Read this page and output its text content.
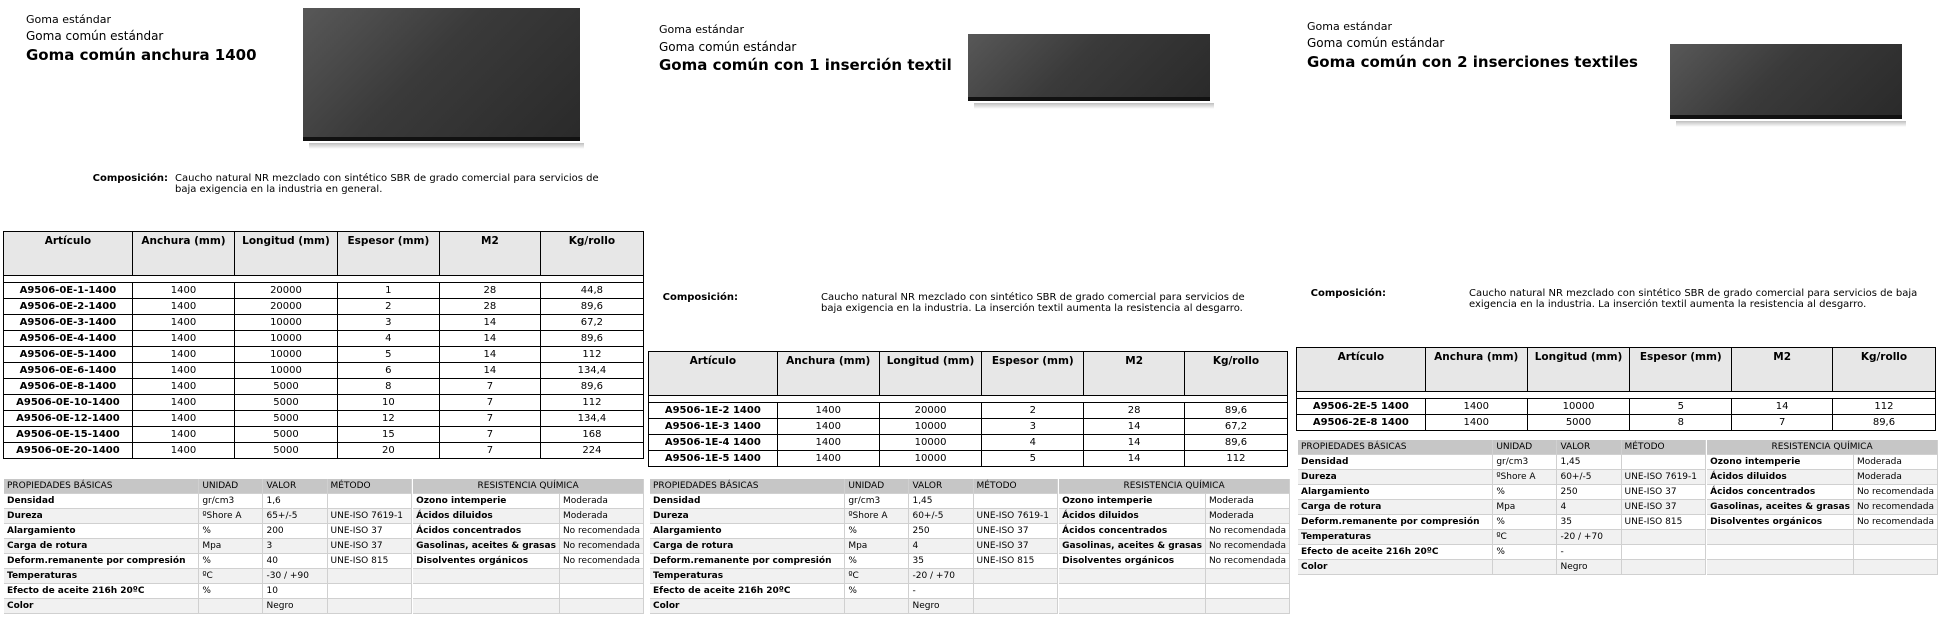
Goma estándar
Goma común estándar
Goma común anchura 1400
Composición: Caucho natural NR mezclado con sintético SBR de grado comercial para servicios de baja exigencia en la industria en general.
Artículo	Anchura (mm)	Longitud (mm)	Espesor (mm)	M2	Kg/rollo

A9506-0E-1-1400	1400	20000	1	28	44,8
A9506-0E-2-1400	1400	20000	2	28	89,6
A9506-0E-3-1400	1400	10000	3	14	67,2
A9506-0E-4-1400	1400	10000	4	14	89,6
A9506-0E-5-1400	1400	10000	5	14	112
A9506-0E-6-1400	1400	10000	6	14	134,4
A9506-0E-8-1400	1400	5000	8	7	89,6
A9506-0E-10-1400	1400	5000	10	7	112
A9506-0E-12-1400	1400	5000	12	7	134,4
A9506-0E-15-1400	1400	5000	15	7	168
A9506-0E-20-1400	1400	5000	20	7	224
PROPIEDADES BÁSICAS	UNIDAD	VALOR	MÉTODO		RESISTENCIA QUÍMICA	
Densidad	gr/cm3	1,6			Ozono intemperie	Moderada
Dureza	ºShore A	65+/-5	UNE-ISO 7619-1		Ácidos diluidos	Moderada
Alargamiento	%	200	UNE-ISO 37		Ácidos concentrados	No recomendada
Carga de rotura	Mpa	3	UNE-ISO 37		Gasolinas, aceites & grasas	No recomendada
Deform.remanente por compresión	%	40	UNE-ISO 815		Disolventes orgánicos	No recomendada
Temperaturas	ºC	-30 / +90				
Efecto de aceite 216h 20ºC	%	10				
Color		Negro				
Goma estándar
Goma común estándar
Goma común con 1 inserción textil
Composición:	Caucho natural NR mezclado con sintético SBR de grado comercial para servicios de baja exigencia en la industria. La inserción textil aumenta la resistencia al desgarro.
Artículo	Anchura (mm)	Longitud (mm)	Espesor (mm)	M2	Kg/rollo

A9506-1E-2 1400	1400	20000	2	28	89,6
A9506-1E-3 1400	1400	10000	3	14	67,2
A9506-1E-4 1400	1400	10000	4	14	89,6
A9506-1E-5 1400	1400	10000	5	14	112
PROPIEDADES BÁSICAS	UNIDAD	VALOR	MÉTODO		RESISTENCIA QUÍMICA	
Densidad	gr/cm3	1,45			Ozono intemperie	Moderada
Dureza	ºShore A	60+/-5	UNE-ISO 7619-1		Ácidos diluidos	Moderada
Alargamiento	%	250	UNE-ISO 37		Ácidos concentrados	No recomendada
Carga de rotura	Mpa	4	UNE-ISO 37		Gasolinas, aceites & grasas	No recomendada
Deform.remanente por compresión	%	35	UNE-ISO 815		Disolventes orgánicos	No recomendada
Temperaturas	ºC	-20 / +70				
Efecto de aceite 216h 20ºC	%	-				
Color		Negro				
Goma estándar
Goma común estándar
Goma común con 2 inserciones textiles
Composición:	Caucho natural NR mezclado con sintético SBR de grado comercial para servicios de baja exigencia en la industria. La inserción textil aumenta la resistencia al desgarro.
Artículo	Anchura (mm)	Longitud (mm)	Espesor (mm)	M2	Kg/rollo

A9506-2E-5 1400	1400	10000	5	14	112
A9506-2E-8 1400	1400	5000	8	7	89,6
PROPIEDADES BÁSICAS	UNIDAD	VALOR	MÉTODO		RESISTENCIA QUÍMICA	
Densidad	gr/cm3	1,45			Ozono intemperie	Moderada
Dureza	ºShore A	60+/-5	UNE-ISO 7619-1		Ácidos diluidos	Moderada
Alargamiento	%	250	UNE-ISO 37		Ácidos concentrados	No recomendada
Carga de rotura	Mpa	4	UNE-ISO 37		Gasolinas, aceites & grasas	No recomendada
Deform.remanente por compresión	%	35	UNE-ISO 815		Disolventes orgánicos	No recomendada
Temperaturas	ºC	-20 / +70				
Efecto de aceite 216h 20ºC	%	-				
Color		Negro				
